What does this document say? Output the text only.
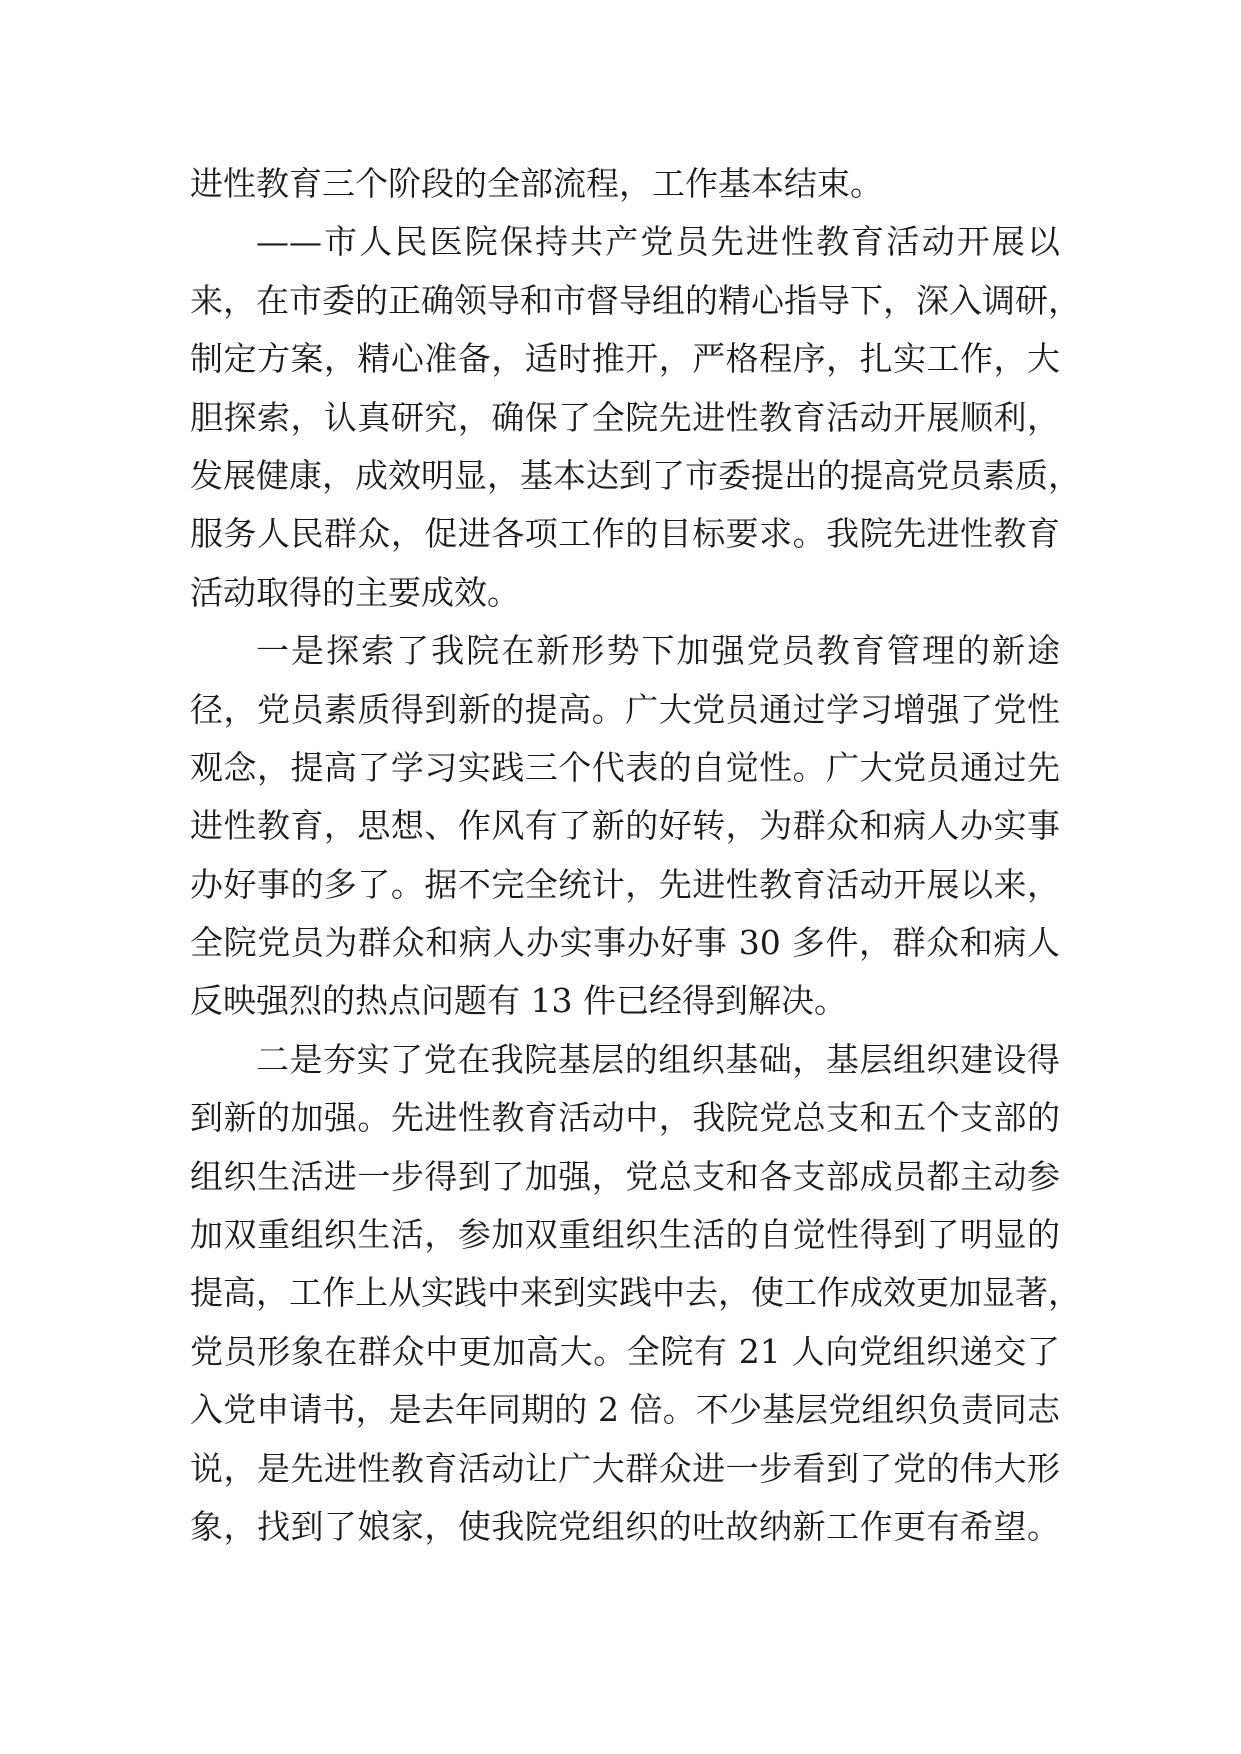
进性教育三个阶段的全部流程，工作基本结束。
——市人民医院保持共产党员先进性教育活动开展以
来，在市委的正确领导和市督导组的精心指导下，深入调研，
制定方案，精心准备，适时推开，严格程序，扎实工作，大
胆探索，认真研究，确保了全院先进性教育活动开展顺利，
发展健康，成效明显，基本达到了市委提出的提高党员素质，
服务人民群众，促进各项工作的目标要求。我院先进性教育
活动取得的主要成效。
一是探索了我院在新形势下加强党员教育管理的新途
径，党员素质得到新的提高。广大党员通过学习增强了党性
观念，提高了学习实践三个代表的自觉性。广大党员通过先
进性教育，思想、作风有了新的好转，为群众和病人办实事
办好事的多了。据不完全统计，先进性教育活动开展以来，
全院党员为群众和病人办实事办好事 30 多件，群众和病人
反映强烈的热点问题有 13 件已经得到解决。
二是夯实了党在我院基层的组织基础，基层组织建设得
到新的加强。先进性教育活动中，我院党总支和五个支部的
组织生活进一步得到了加强，党总支和各支部成员都主动参
加双重组织生活，参加双重组织生活的自觉性得到了明显的
提高，工作上从实践中来到实践中去，使工作成效更加显著，
党员形象在群众中更加高大。全院有 21 人向党组织递交了
入党申请书，是去年同期的 2 倍。不少基层党组织负责同志
说，是先进性教育活动让广大群众进一步看到了党的伟大形
象，找到了娘家，使我院党组织的吐故纳新工作更有希望。
